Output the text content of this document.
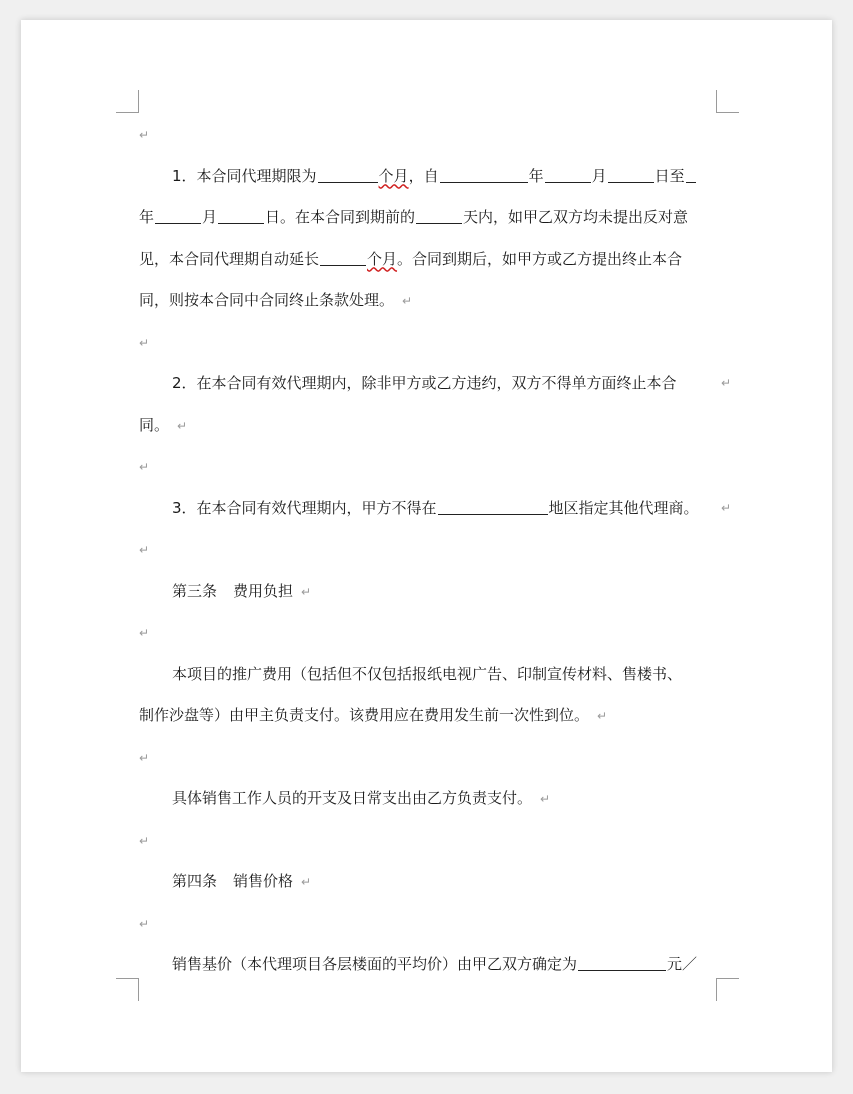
↵
1．本合同代理期限为	个月，自	年	月	日至
年	月	日。在本合同到期前的	天内，如甲乙双方均未提出反对意
见，本合同代理期自动延长	个月。合同到期后，如甲方或乙方提出终止本合
同，则按本合同中合同终止条款处理。 ↵
↵
2．在本合同有效代理期内，除非甲方或乙方违约，双方不得单方面终止本合	↵
同。 ↵
↵
3．在本合同有效代理期内，甲方不得在	地区指定其他代理商。 ↵
↵
第三条 费用负担 ↵
↵
本项目的推广费用（包括但不仅包括报纸电视广告、印制宣传材料、售楼书、
制作沙盘等）由甲主负责支付。该费用应在费用发生前一次性到位。 ↵
↵
具体销售工作人员的开支及日常支出由乙方负责支付。 ↵
↵
第四条 销售价格 ↵
↵
销售基价（本代理项目各层楼面的平均价）由甲乙双方确定为	元／
